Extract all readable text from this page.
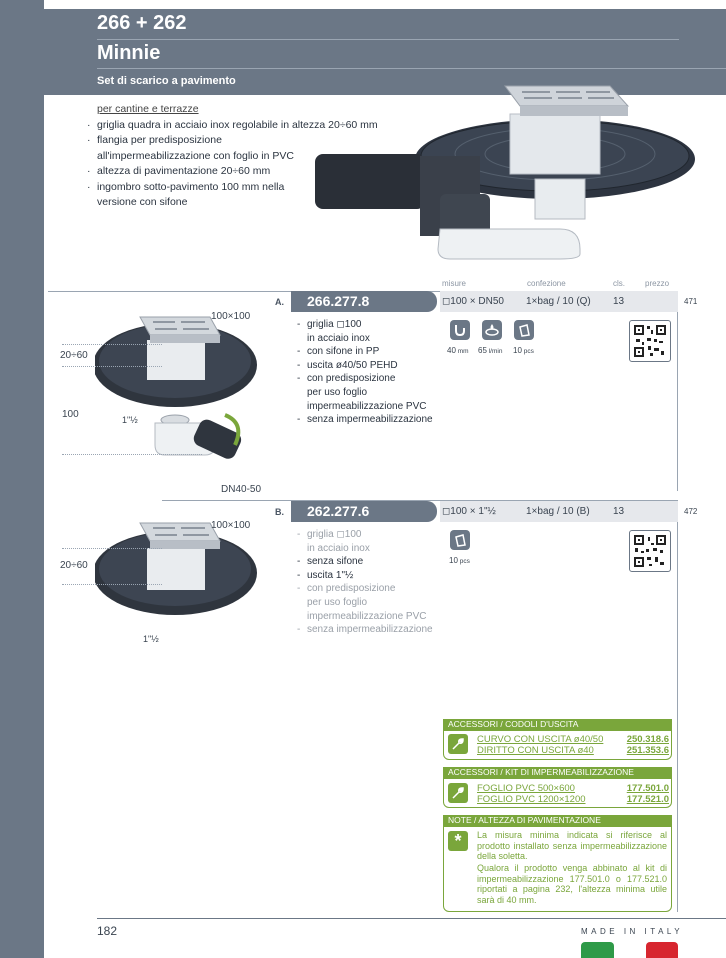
266 + 262
Minnie
Set di scarico a pavimento
per cantine e terrazze
· griglia quadra in acciaio inox regolabile in altezza 20÷60 mm
· flangia per predisposizione all'impermeabilizzazione con foglio in PVC
· altezza di pavimentazione 20÷60 mm
· ingombro sotto-pavimento 100 mm nella versione con sifone
misure	confezione	cls.	prezzo
A.	266.277.8	◻100 × DN50 1×bag / 10 (Q) 13	471
- griglia ◻100
in acciaio inox
- con sifone in PP
- uscita ø40/50 PEHD
- con predisposizione
per uso foglio
impermeabilizzazione PVC
- senza impermeabilizzazione
40 mm 65 l/min 10 pcs
100×100
20÷60
100	1"½
DN40-50
B.	262.277.6	◻100 × 1"½	1×bag / 10 (B) 13	472
- griglia ◻100
in acciaio inox
- senza sifone
- uscita 1"½
- con predisposizione
per uso foglio
impermeabilizzazione PVC
- senza impermeabilizzazione
10 pcs
100×100
20÷60
1"½
ACCESSORI / CODOLI D'USCITA
CURVO CON USCITA ø40/50 250.318.6
DIRITTO CON USCITA ø40	251.353.6
ACCESSORI / KIT DI IMPERMEABILIZZAZIONE
FOGLIO PVC 500×600	177.501.0
FOGLIO PVC 1200×1200	177.521.0
NOTE / ALTEZZA DI PAVIMENTAZIONE
* La misura minima indicata si riferisce al prodotto installato senza impermeabilizzazione della soletta.
Qualora il prodotto venga abbinato al kit di impermeabilizzazione 177.501.0 o 177.521.0 riportati a pagina 232, l'altezza minima utile sarà di 40 mm.
182	MADE IN ITALY
